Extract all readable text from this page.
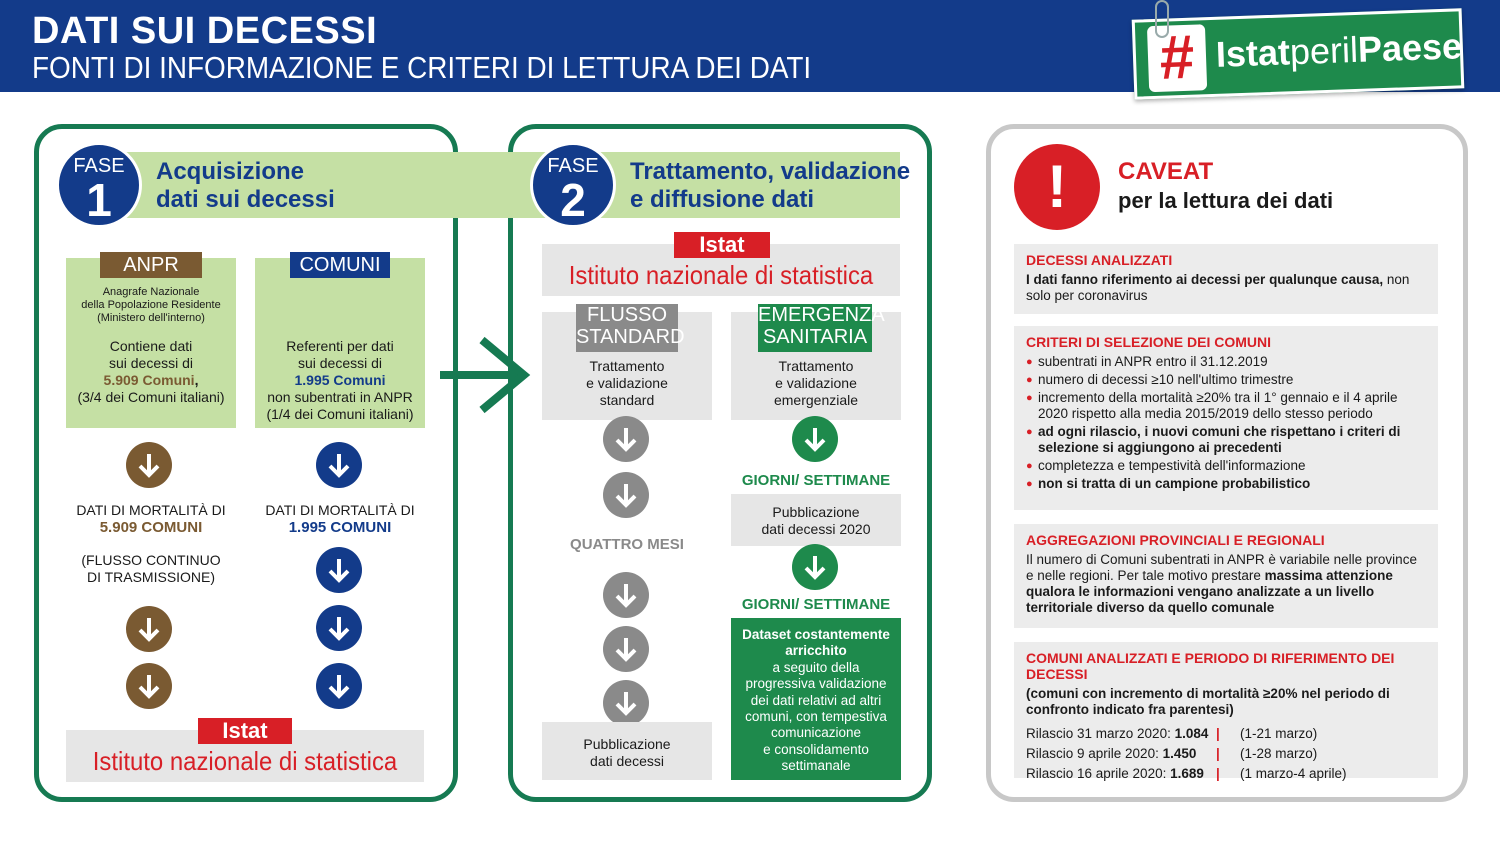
DATI SUI DECESSI
FONTI DI INFORMAZIONE E CRITERI DI LETTURA DEI DATI	# IstatperilPaese
FASE
1
Acquisizione
dati sui decessi
FASE
2
Trattamento, validazione
e diffusione dati
Anagrafe Nazionale
della Popolazione Residente
(Ministero dell'interno)
Contiene dati
sui decessi di
5.909 Comuni,
(3/4 dei Comuni italiani)
ANPR
Referenti per dati
sui decessi di
1.995 Comuni
non subentrati in ANPR
(1/4 dei Comuni italiani)
COMUNI
DATI DI MORTALITÀ DI
5.909 COMUNI
(FLUSSO CONTINUO
DI TRASMISSIONE)
DATI DI MORTALITÀ DI
1.995 COMUNI
Istat
Istituto nazionale di statistica
Istat
Istituto nazionale di statistica
Trattamento
e validazione
standard
FLUSSO
STANDARD
Trattamento
e validazione
emergenziale
EMERGENZA
SANITARIA
QUATTRO MESI
Pubblicazione
dati decessi
GIORNI/ SETTIMANE
Pubblicazione
dati decessi 2020
GIORNI/ SETTIMANE
Dataset costantemente
arricchito
a seguito della
progressiva validazione
dei dati relativi ad altri
comuni, con tempestiva
comunicazione
e consolidamento
settimanale
!	CAVEAT
per la lettura dei dati
DECESSI ANALIZZATI
I dati fanno riferimento ai decessi per qualunque causa, non solo per coronavirus
CRITERI DI SELEZIONE DEI COMUNI
● subentrati in ANPR entro il 31.12.2019
● numero di decessi ≥10 nell'ultimo trimestre
● incremento della mortalità ≥20% tra il 1° gennaio e il 4 aprile 2020 rispetto alla media 2015/2019 dello stesso periodo
● ad ogni rilascio, i nuovi comuni che rispettano i criteri di selezione si aggiungono ai precedenti
● completezza e tempestività dell'informazione
● non si tratta di un campione probabilistico
AGGREGAZIONI PROVINCIALI E REGIONALI
Il numero di Comuni subentrati in ANPR è variabile nelle province e nelle regioni. Per tale motivo prestare massima attenzione qualora le informazioni vengano analizzate a un livello territoriale diverso da quello comunale
COMUNI ANALIZZATI E PERIODO DI RIFERIMENTO DEI DECESSI
(comuni con incremento di mortalità ≥20% nel periodo di confronto indicato fra parentesi)
Rilascio 31 marzo 2020: 1.084 |	(1-21 marzo)
Rilascio 9 aprile 2020: 1.450	|	(1-28 marzo)
Rilascio 16 aprile 2020: 1.689 |	(1 marzo-4 aprile)
